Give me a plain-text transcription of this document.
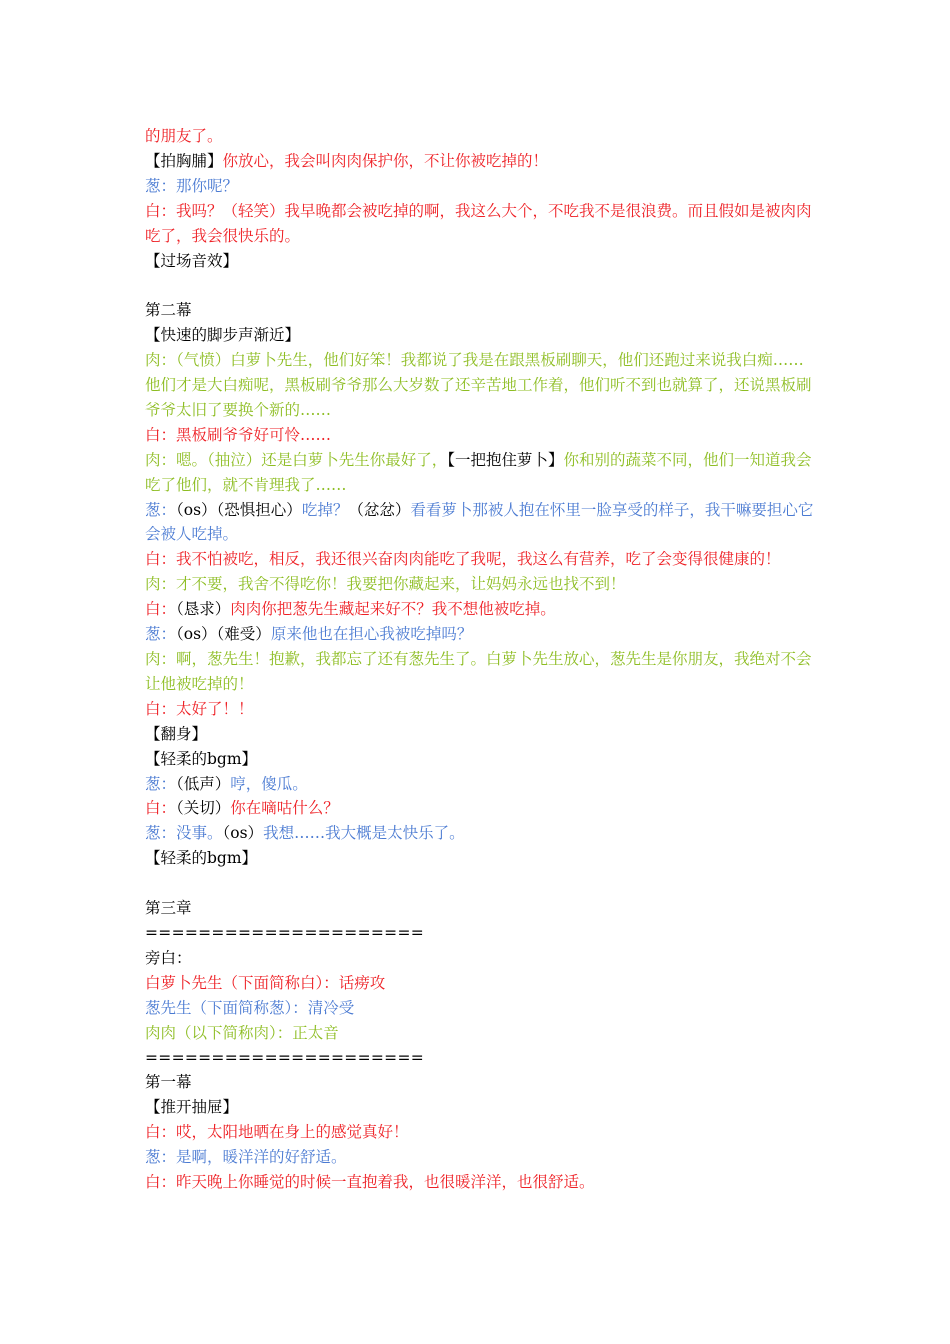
的朋友了。

【拍胸脯】你放心，我会叫肉肉保护你，不让你被吃掉的！

葱：那你呢？

白：我吗？（轻笑）我早晚都会被吃掉的啊，我这么大个，不吃我不是很浪费。而且假如是被肉肉吃了，我会很快乐的。

【过场音效】

第二幕

【快速的脚步声渐近】

肉：（气愤）白萝卜先生，他们好笨！我都说了我是在跟黑板刷聊天，他们还跑过来说我白痴……他们才是大白痴呢，黑板刷爷爷那么大岁数了还辛苦地工作着，他们听不到也就算了，还说黑板刷爷爷太旧了要换个新的……

白：黑板刷爷爷好可怜……

肉：嗯。（抽泣）还是白萝卜先生你最好了，【一把抱住萝卜】你和别的蔬菜不同，他们一知道我会吃了他们，就不肯理我了……

葱：（os）（恐惧担心）吃掉？（忿忿）看看萝卜那被人抱在怀里一脸享受的样子，我干嘛要担心它会被人吃掉。

白：我不怕被吃，相反，我还很兴奋肉肉能吃了我呢，我这么有营养，吃了会变得很健康的！

肉：才不要，我舍不得吃你！我要把你藏起来，让妈妈永远也找不到！

白：（恳求）肉肉你把葱先生藏起来好不？我不想他被吃掉。

葱：（os）（难受）原来他也在担心我被吃掉吗？

肉：啊，葱先生！抱歉，我都忘了还有葱先生了。白萝卜先生放心，葱先生是你朋友，我绝对不会让他被吃掉的！

白：太好了！！

【翻身】

【轻柔的bgm】

葱：（低声）哼，傻瓜。

白：（关切）你在嘀咕什么？

葱：没事。（os）我想……我大概是太快乐了。

【轻柔的bgm】

第三章

=====================

旁白：

白萝卜先生（下面简称白）：话痨攻

葱先生（下面简称葱）：清冷受

肉肉（以下简称肉）：正太音

=====================

第一幕

【推开抽屉】

白：哎，太阳地晒在身上的感觉真好！

葱：是啊，暖洋洋的好舒适。

白：昨天晚上你睡觉的时候一直抱着我，也很暖洋洋，也很舒适。
